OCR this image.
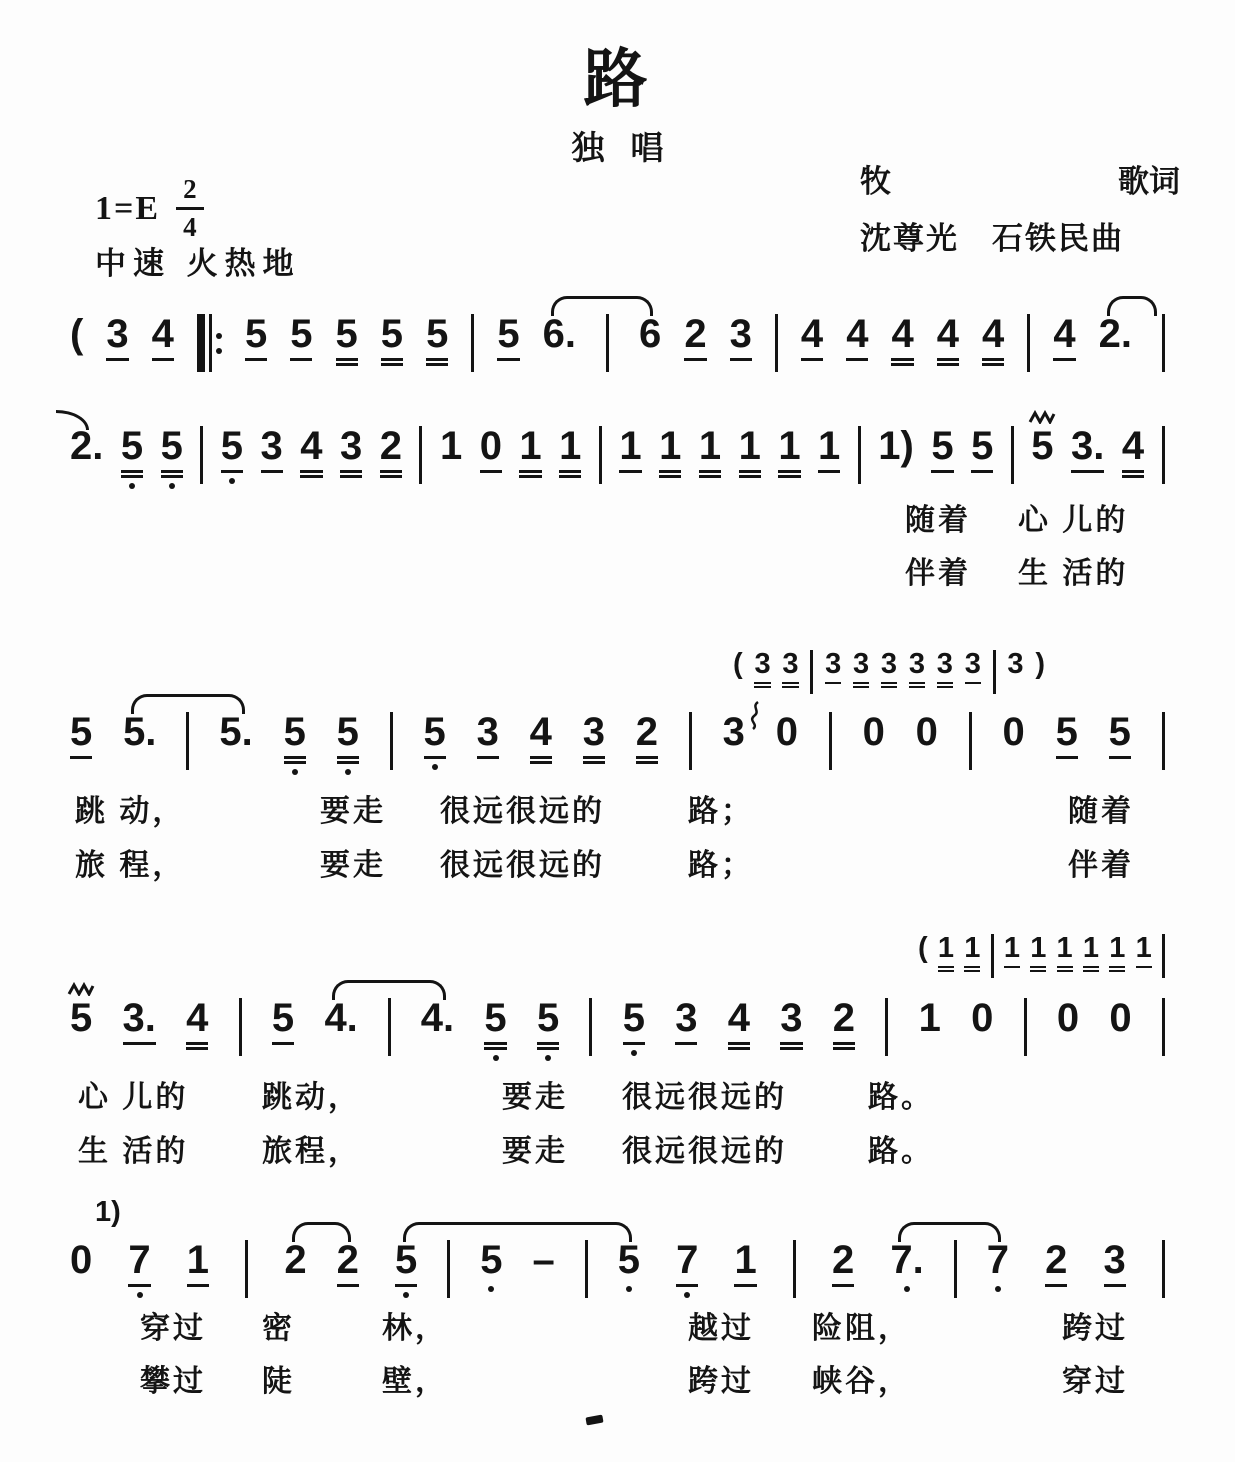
路
独唱
牧	歌词
沈尊光　石铁民曲
$1=E \frac{2}{4}$
中速 火热地
( 3 4 5 5 5 5 5 5 6. 6 2 3 4 4 4 4 4 4 2.
2. 5 5 5 3 4 3 2 1 0 1 1 1 1 1 1 1 1 1) 5 5 5 3. 4
( 3 3 3 3 3 3 3 3 3 )
5 5. 5. 5 5 5 3 4 3 2 3 0 0 0 0 5 5
( 1 1 1 1 1 1 1 1
5 3. 4 5 4. 4. 5 5 5 3 4 3 2 1 0 0 0
0 7 1 2 2 5 5 – 5 7 1 2 7. 7 2 3
1)
随着 心 儿的
伴着 生 活的
跳 动，	要走 很远很远的	路；	随着
旅 程，	要走 很远很远的	路；	伴着
心 儿的 跳动，	要走 很远很远的	路。
生 活的 旅程，	要走 很远很远的	路。
穿过 密	林，	越过 险阻，	跨过
攀过 陡	壁，	跨过 峡谷，	穿过
